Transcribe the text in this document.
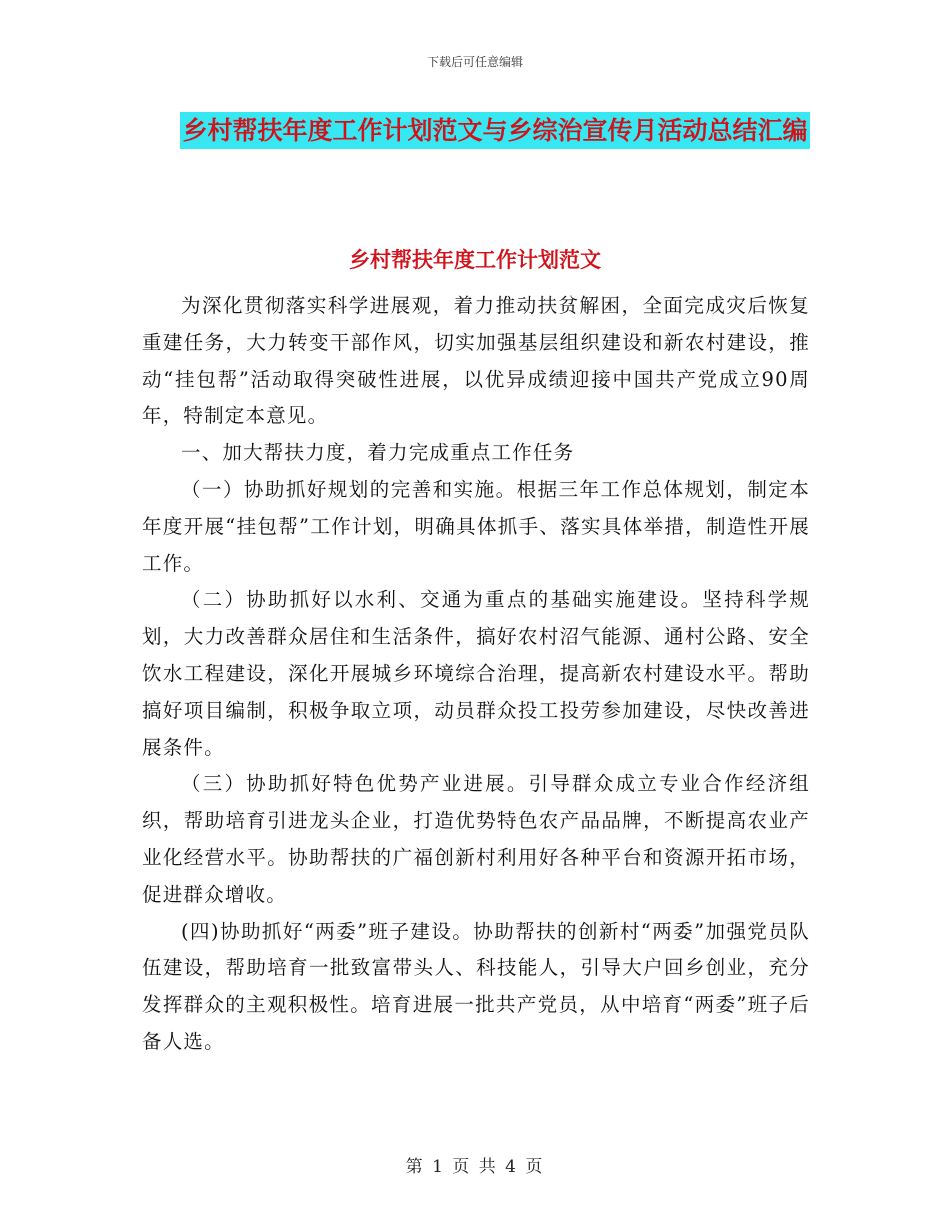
下载后可任意编辑
乡村帮扶年度工作计划范文与乡综治宣传月活动总结汇编
乡村帮扶年度工作计划范文

为深化贯彻落实科学进展观，着力推动扶贫解困，全面完成灾后恢复重建任务，大力转变干部作风，切实加强基层组织建设和新农村建设，推动“挂包帮”活动取得突破性进展，以优异成绩迎接中国共产党成立90周年，特制定本意见。

一、加大帮扶力度，着力完成重点工作任务

（一）协助抓好规划的完善和实施。根据三年工作总体规划，制定本年度开展“挂包帮”工作计划，明确具体抓手、落实具体举措，制造性开展工作。

（二）协助抓好以水利、交通为重点的基础实施建设。坚持科学规划，大力改善群众居住和生活条件，搞好农村沼气能源、通村公路、安全饮水工程建设，深化开展城乡环境综合治理，提高新农村建设水平。帮助搞好项目编制，积极争取立项，动员群众投工投劳参加建设，尽快改善进展条件。

（三）协助抓好特色优势产业进展。引导群众成立专业合作经济组织，帮助培育引进龙头企业，打造优势特色农产品品牌，不断提高农业产业化经营水平。协助帮扶的广福创新村利用好各种平台和资源开拓市场，促进群众增收。

(四)协助抓好“两委”班子建设。协助帮扶的创新村“两委”加强党员队伍建设，帮助培育一批致富带头人、科技能人，引导大户回乡创业，充分发挥群众的主观积极性。培育进展一批共产党员，从中培育“两委”班子后备人选。

第 1 页 共 4 页
